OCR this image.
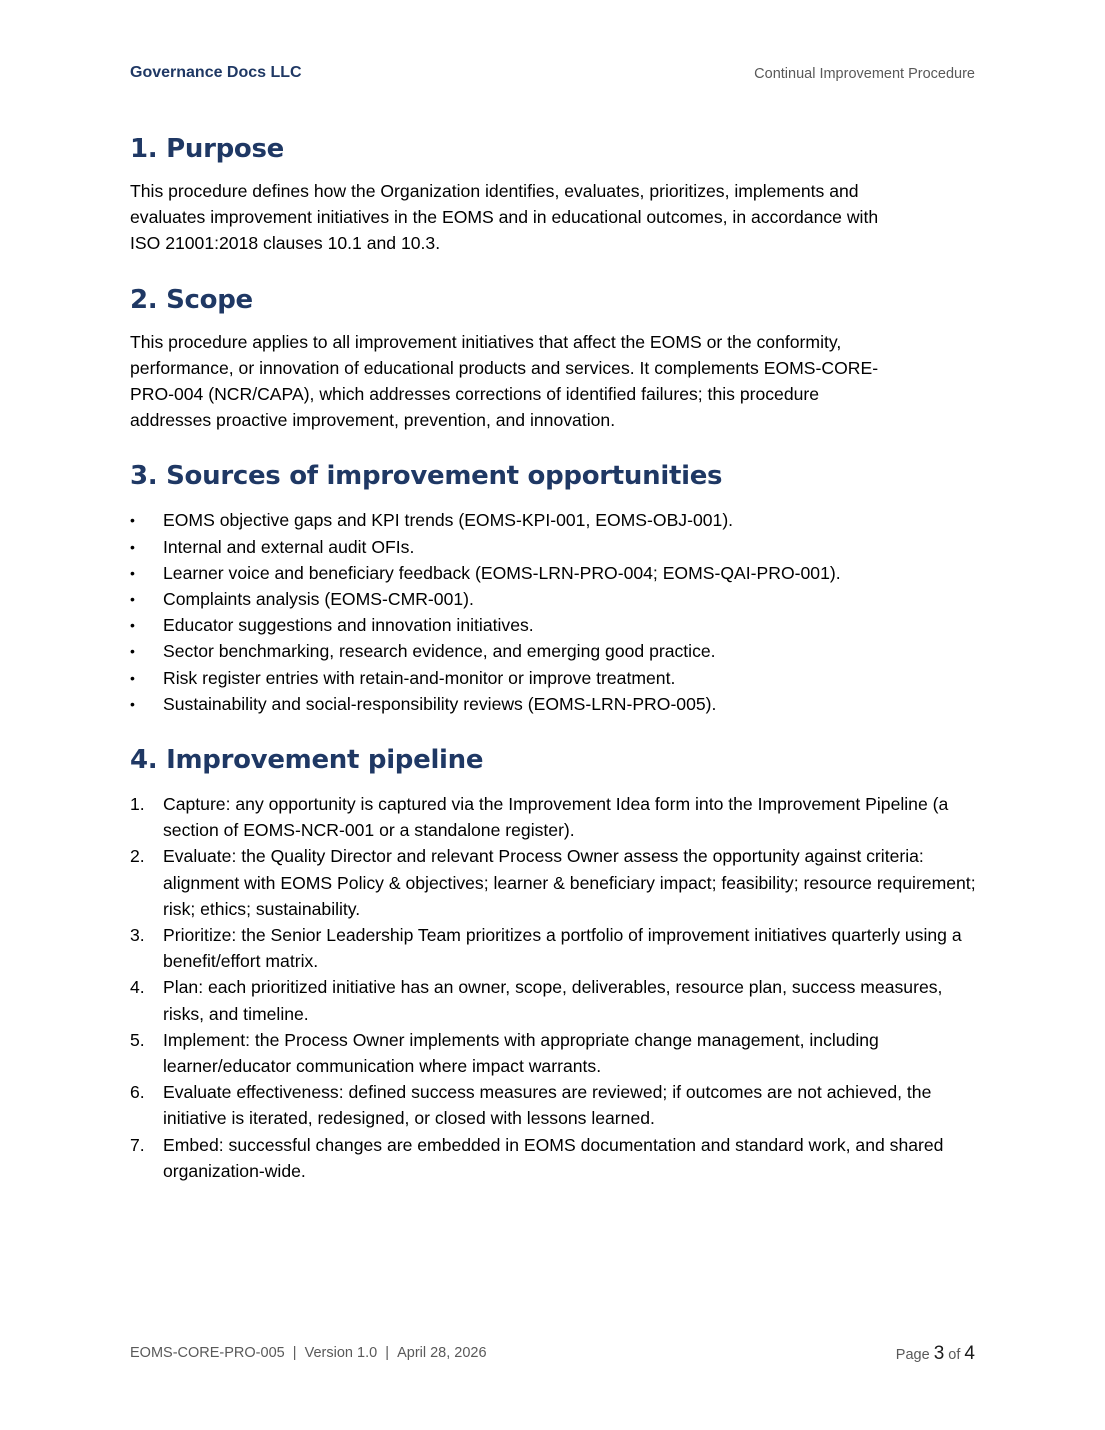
Governance Docs LLC	Continual Improvement Procedure
1. Purpose

This procedure defines how the Organization identifies, evaluates, prioritizes, implements and
evaluates improvement initiatives in the EOMS and in educational outcomes, in accordance with
ISO 21001:2018 clauses 10.1 and 10.3.

2. Scope

This procedure applies to all improvement initiatives that affect the EOMS or the conformity,
performance, or innovation of educational products and services. It complements EOMS-CORE-
PRO-004 (NCR/CAPA), which addresses corrections of identified failures; this procedure
addresses proactive improvement, prevention, and innovation.

3. Sources of improvement opportunities
•	EOMS objective gaps and KPI trends (EOMS-KPI-001, EOMS-OBJ-001).
•	Internal and external audit OFIs.
•	Learner voice and beneficiary feedback (EOMS-LRN-PRO-004; EOMS-QAI-PRO-001).
•	Complaints analysis (EOMS-CMR-001).
•	Educator suggestions and innovation initiatives.
•	Sector benchmarking, research evidence, and emerging good practice.
•	Risk register entries with retain-and-monitor or improve treatment.
•	Sustainability and social-responsibility reviews (EOMS-LRN-PRO-005).
4. Improvement pipeline
1.	Capture: any opportunity is captured via the Improvement Idea form into the Improvement Pipeline (a section of EOMS-NCR-001 or a standalone register).
2.	Evaluate: the Quality Director and relevant Process Owner assess the opportunity against criteria: alignment with EOMS Policy & objectives; learner & beneficiary impact; feasibility; resource requirement; risk; ethics; sustainability.
3.	Prioritize: the Senior Leadership Team prioritizes a portfolio of improvement initiatives quarterly using a benefit/effort matrix.
4.	Plan: each prioritized initiative has an owner, scope, deliverables, resource plan, success measures, risks, and timeline.
5.	Implement: the Process Owner implements with appropriate change management, including learner/educator communication where impact warrants.
6.	Evaluate effectiveness: defined success measures are reviewed; if outcomes are not achieved, the initiative is iterated, redesigned, or closed with lessons learned.
7.	Embed: successful changes are embedded in EOMS documentation and standard work, and shared organization-wide.
EOMS-CORE-PRO-005 | Version 1.0 | April 28, 2026	Page 3 of 4
